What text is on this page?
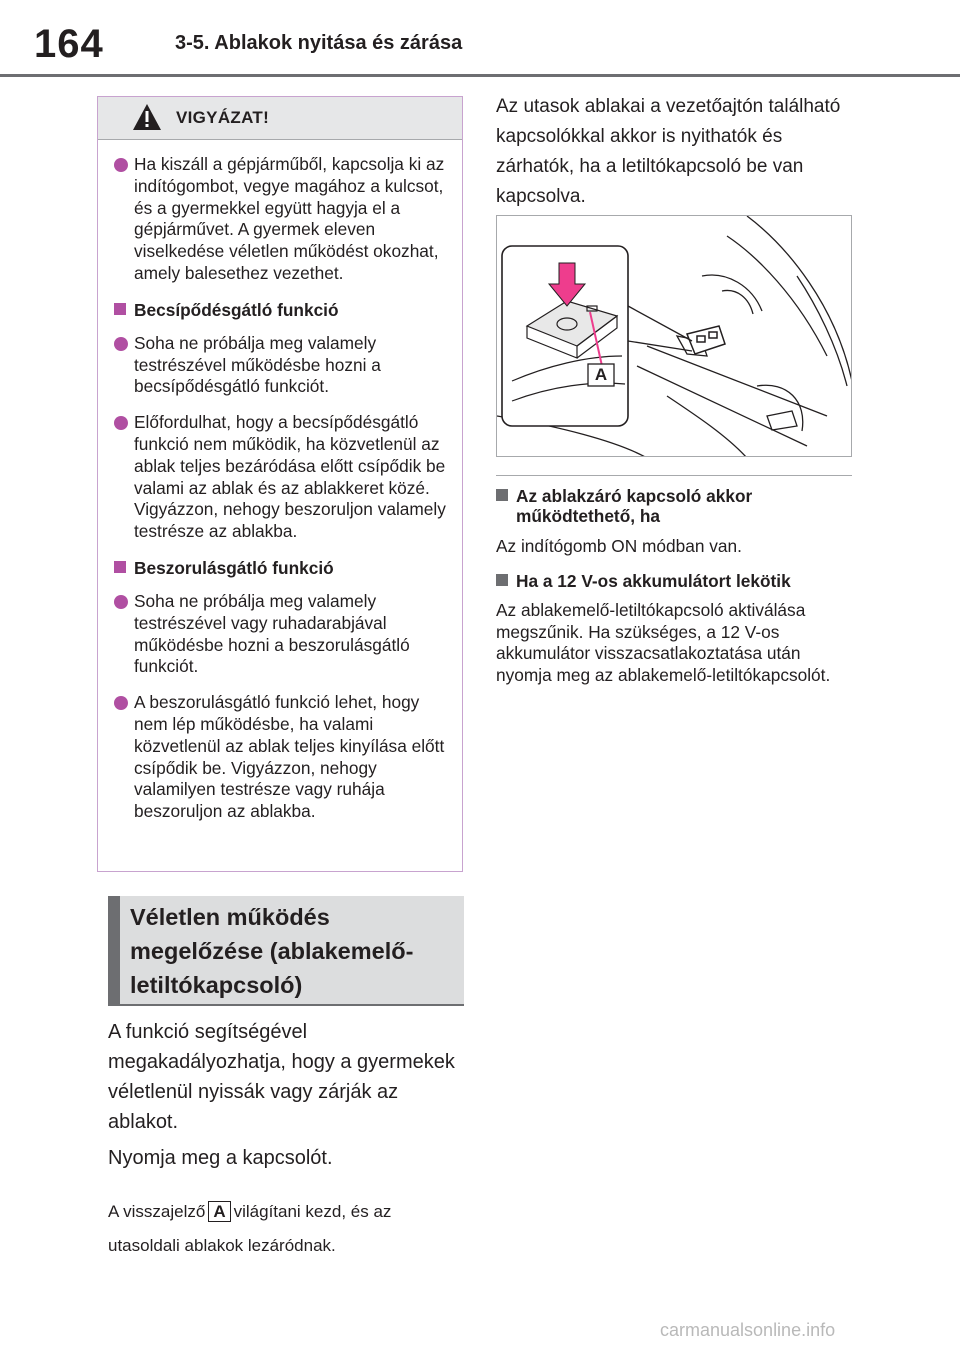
164	3-5. Ablakok nyitása és zárása
VIGYÁZAT!
Ha kiszáll a gépjárműből, kapcsolja ki az indítógombot, vegye magához a kulcsot, és a gyermekkel együtt hagyja el a gépjárművet. A gyermek eleven viselkedése véletlen működést okozhat, amely balesethez vezethet.
Becsípődésgátló funkció
Soha ne próbálja meg valamely testrészével működésbe hozni a becsípődésgátló funkciót.
Előfordulhat, hogy a becsípődésgátló funkció nem működik, ha közvetlenül az ablak teljes bezáródása előtt csípődik be valami az ablak és az ablakkeret közé. Vigyázzon, nehogy beszoruljon valamely testrésze az ablakba.
Beszorulásgátló funkció
Soha ne próbálja meg valamely testrészével vagy ruhadarabjával működésbe hozni a beszorulásgátló funkciót.
A beszorulásgátló funkció lehet, hogy nem lép működésbe, ha valami közvetlenül az ablak teljes kinyílása előtt csípődik be. Vigyázzon, nehogy valamilyen testrésze vagy ruhája beszoruljon az ablakba.
Véletlen működés megelőzése (ablakemelő-letiltókapcsoló)
A funkció segítségével megakadályozhatja, hogy a gyermekek véletlenül nyissák vagy zárják az ablakot.
Nyomja meg a kapcsolót.
A visszajelző A világítani kezd, és az utasoldali ablakok lezáródnak.
Az utasok ablakai a vezetőajtón található kapcsolókkal akkor is nyithatók és zárhatók, ha a letiltókapcsoló be van kapcsolva.
A
Az ablakzáró kapcsoló akkor működtethető, ha
Az indítógomb ON módban van.
Ha a 12 V-os akkumulátort lekötik
Az ablakemelő-letiltókapcsoló aktiválása megszűnik. Ha szükséges, a 12 V-os akkumulátor visszacsatlakoztatása után nyomja meg az ablakemelő-letiltókapcsolót.
carmanualsonline.info
